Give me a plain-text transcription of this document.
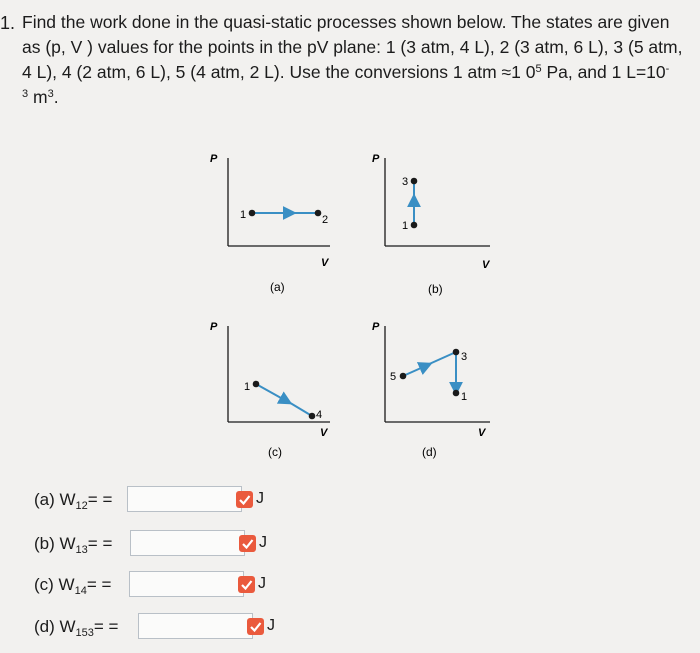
1. Find the work done in the quasi-static processes shown below. The states are given
as (p, V ) values for the points in the pV plane: 1 (3 atm, 4 L), 2 (3 atm, 6 L), 3 (5 atm,
4 L), 4 (2 atm, 6 L), 5 (4 atm, 2 L). Use the conversions 1 atm ≈1 $0^5$ Pa, and 1 L=10-
$^3$ $m^3$.
P
V
1	2
(a)
P
V
3
1
(b)
P
V
1
4
(c)
P
V
5
3
1
(d)
(a) $W_{12}=$ =	J
(b) $W_{13}=$ =	J
(c) $W_{14}=$ =	J
(d) $W_{153}=$ =	J
